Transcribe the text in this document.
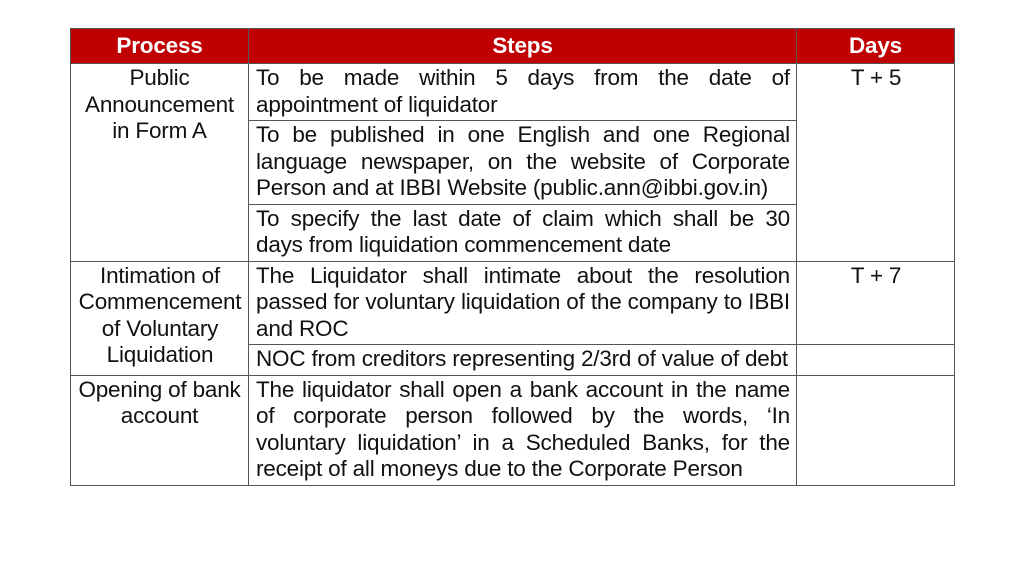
Process	Steps	Days
Public Announcement in Form A	To be made within 5 days from the date of appointment of liquidator	T + 5
	To be published in one English and one Regional language newspaper, on the website of Corporate Person and at IBBI Website (public.ann@ibbi.gov.in)	
	To specify the last date of claim which shall be 30 days from liquidation commencement date	
Intimation of Commencement of Voluntary Liquidation	The Liquidator shall intimate about the resolution passed for voluntary liquidation of the company to IBBI and ROC	T + 7
	NOC from creditors representing 2/3rd of value of debt	
Opening of bank account	The liquidator shall open a bank account in the name of corporate person followed by the words, ‘In voluntary liquidation’ in a Scheduled Banks, for the receipt of all moneys due to the Corporate Person	
